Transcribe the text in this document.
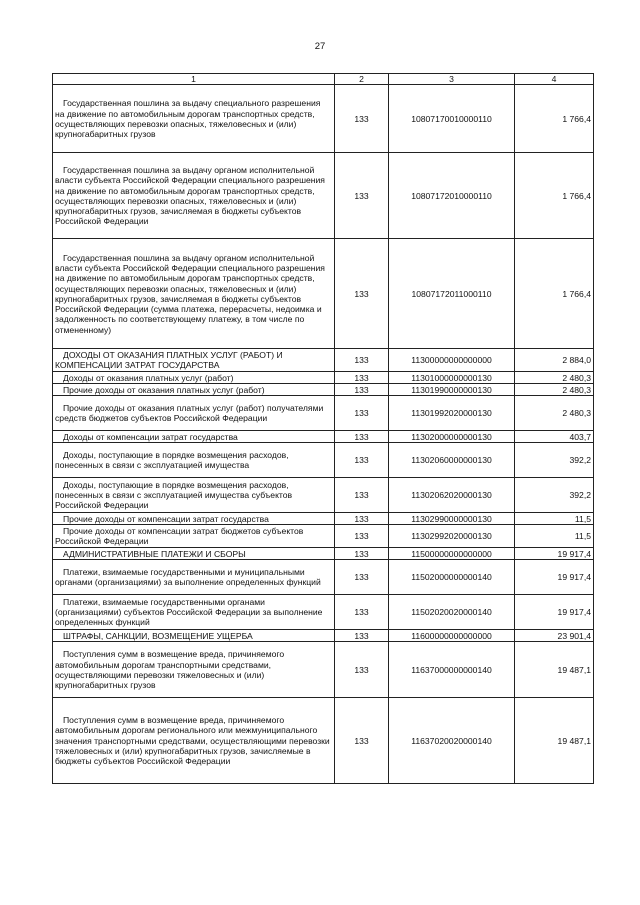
27
1	2	3	4

Государственная пошлина за выдачу специального разрешения на движение по автомобильным дорогам транспортных средств, осуществляющих перевозки опасных, тяжеловесных и (или) крупногабаритных грузов	133	10807170010000110	1 766,4

Государственная пошлина за выдачу органом исполнительной власти субъекта Российской Федерации специального разрешения на движение по автомобильным дорогам транспортных средств, осуществляющих перевозки опасных, тяжеловесных и (или) крупногабаритных грузов, зачисляемая в бюджеты субъектов Российской Федерации	133	10807172010000110	1 766,4

Государственная пошлина за выдачу органом исполнительной власти субъекта Российской Федерации специального разрешения на движение по автомобильным дорогам транспортных средств, осуществляющих перевозки опасных, тяжеловесных и (или) крупногабаритных грузов, зачисляемая в бюджеты субъектов Российской Федерации (сумма платежа, перерасчеты, недоимка и задолженность по соответствующему платежу, в том числе по отмененному)	133	10807172011000110	1 766,4

ДОХОДЫ ОТ ОКАЗАНИЯ ПЛАТНЫХ УСЛУГ (РАБОТ) И КОМПЕНСАЦИИ ЗАТРАТ ГОСУДАРСТВА	133	11300000000000000	2 884,0

Доходы от оказания платных услуг (работ)	133	11301000000000130	2 480,3

Прочие доходы от оказания платных услуг (работ)	133	11301990000000130	2 480,3

Прочие доходы от оказания платных услуг (работ) получателями средств бюджетов субъектов Российской Федерации	133	11301992020000130	2 480,3

Доходы от компенсации затрат государства	133	11302000000000130	403,7

Доходы, поступающие в порядке возмещения расходов, понесенных в связи с эксплуатацией имущества	133	11302060000000130	392,2

Доходы, поступающие в порядке возмещения расходов, понесенных в связи с эксплуатацией имущества субъектов Российской Федерации	133	11302062020000130	392,2

Прочие доходы от компенсации затрат государства	133	11302990000000130	11,5

Прочие доходы от компенсации затрат бюджетов субъектов Российской Федерации	133	11302992020000130	11,5

АДМИНИСТРАТИВНЫЕ ПЛАТЕЖИ И СБОРЫ	133	11500000000000000	19 917,4

Платежи, взимаемые государственными и муниципальными органами (организациями) за выполнение определенных функций	133	11502000000000140	19 917,4

Платежи, взимаемые государственными органами (организациями) субъектов Российской Федерации за выполнение определенных функций	133	11502020020000140	19 917,4

ШТРАФЫ, САНКЦИИ, ВОЗМЕЩЕНИЕ УЩЕРБА	133	11600000000000000	23 901,4

Поступления сумм в возмещение вреда, причиняемого автомобильным дорогам транспортными средствами, осуществляющими перевозки тяжеловесных и (или) крупногабаритных грузов	133	11637000000000140	19 487,1

Поступления сумм в возмещение вреда, причиняемого автомобильным дорогам регионального или межмуниципального значения транспортными средствами, осуществляющими перевозки тяжеловесных и (или) крупногабаритных грузов, зачисляемые в бюджеты субъектов Российской Федерации	133	11637020020000140	19 487,1
